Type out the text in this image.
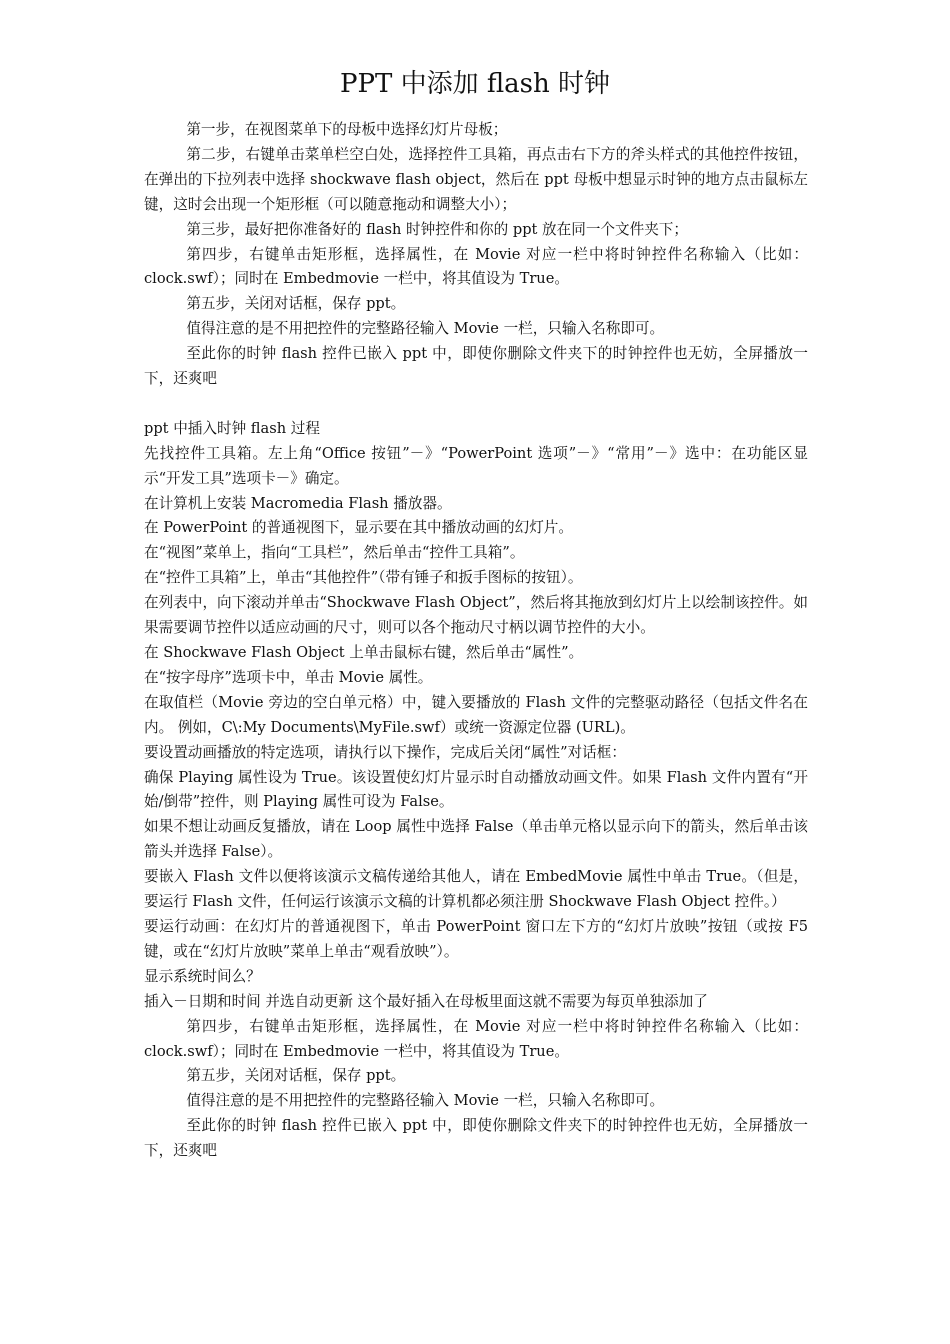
PPT 中添加 flash 时钟

第一步，在视图菜单下的母板中选择幻灯片母板；

第二步，右键单击菜单栏空白处，选择控件工具箱，再点击右下方的斧头样式的其他控件按钮，在弹出的下拉列表中选择 shockwave flash object，然后在 ppt 母板中想显示时钟的地方点击鼠标左键，这时会出现一个矩形框（可以随意拖动和调整大小）；

第三步，最好把你准备好的 flash 时钟控件和你的 ppt 放在同一个文件夹下；

第四步，右键单击矩形框，选择属性，在 Movie 对应一栏中将时钟控件名称输入（比如：clock.swf）；同时在 Embedmovie 一栏中，将其值设为 True。

第五步，关闭对话框，保存 ppt。

值得注意的是不用把控件的完整路径输入 Movie 一栏，只输入名称即可。

至此你的时钟 flash 控件已嵌入 ppt 中，即使你删除文件夹下的时钟控件也无妨，全屏播放一下，还爽吧

ppt 中插入时钟 flash 过程

先找控件工具箱。左上角“Office 按钮”－》“PowerPoint 选项”－》“常用”－》选中：在功能区显示“开发工具”选项卡－》确定。

在计算机上安装 Macromedia Flash 播放器。

在 PowerPoint 的普通视图下，显示要在其中播放动画的幻灯片。

在“视图”菜单上，指向“工具栏”，然后单击“控件工具箱”。

在“控件工具箱”上，单击“其他控件”（带有锤子和扳手图标的按钮）。

在列表中，向下滚动并单击“Shockwave Flash Object”，然后将其拖放到幻灯片上以绘制该控件。如果需要调节控件以适应动画的尺寸，则可以各个拖动尺寸柄以调节控件的大小。

在 Shockwave Flash Object 上单击鼠标右键，然后单击“属性”。

在“按字母序”选项卡中，单击 Movie 属性。

在取值栏（Movie 旁边的空白单元格）中，键入要播放的 Flash 文件的完整驱动路径（包括文件名在内。 例如，C\:My Documents\MyFile.swf）或统一资源定位器 (URL)。

要设置动画播放的特定选项，请执行以下操作，完成后关闭“属性”对话框：

确保 Playing 属性设为 True。该设置使幻灯片显示时自动播放动画文件。如果 Flash 文件内置有“开始/倒带”控件，则 Playing 属性可设为 False。

如果不想让动画反复播放，请在 Loop 属性中选择 False（单击单元格以显示向下的箭头，然后单击该箭头并选择 False）。

要嵌入 Flash 文件以便将该演示文稿传递给其他人，请在 EmbedMovie 属性中单击 True。（但是，要运行 Flash 文件，任何运行该演示文稿的计算机都必须注册 Shockwave Flash Object 控件。）

要运行动画：在幻灯片的普通视图下，单击 PowerPoint 窗口左下方的“幻灯片放映”按钮（或按 F5 键，或在“幻灯片放映”菜单上单击“观看放映”）。

显示系统时间么？

插入－日期和时间 并选自动更新 这个最好插入在母板里面这就不需要为每页单独添加了

第四步，右键单击矩形框，选择属性，在 Movie 对应一栏中将时钟控件名称输入（比如：clock.swf）；同时在 Embedmovie 一栏中，将其值设为 True。

第五步，关闭对话框，保存 ppt。

值得注意的是不用把控件的完整路径输入 Movie 一栏，只输入名称即可。

至此你的时钟 flash 控件已嵌入 ppt 中，即使你删除文件夹下的时钟控件也无妨，全屏播放一下，还爽吧
